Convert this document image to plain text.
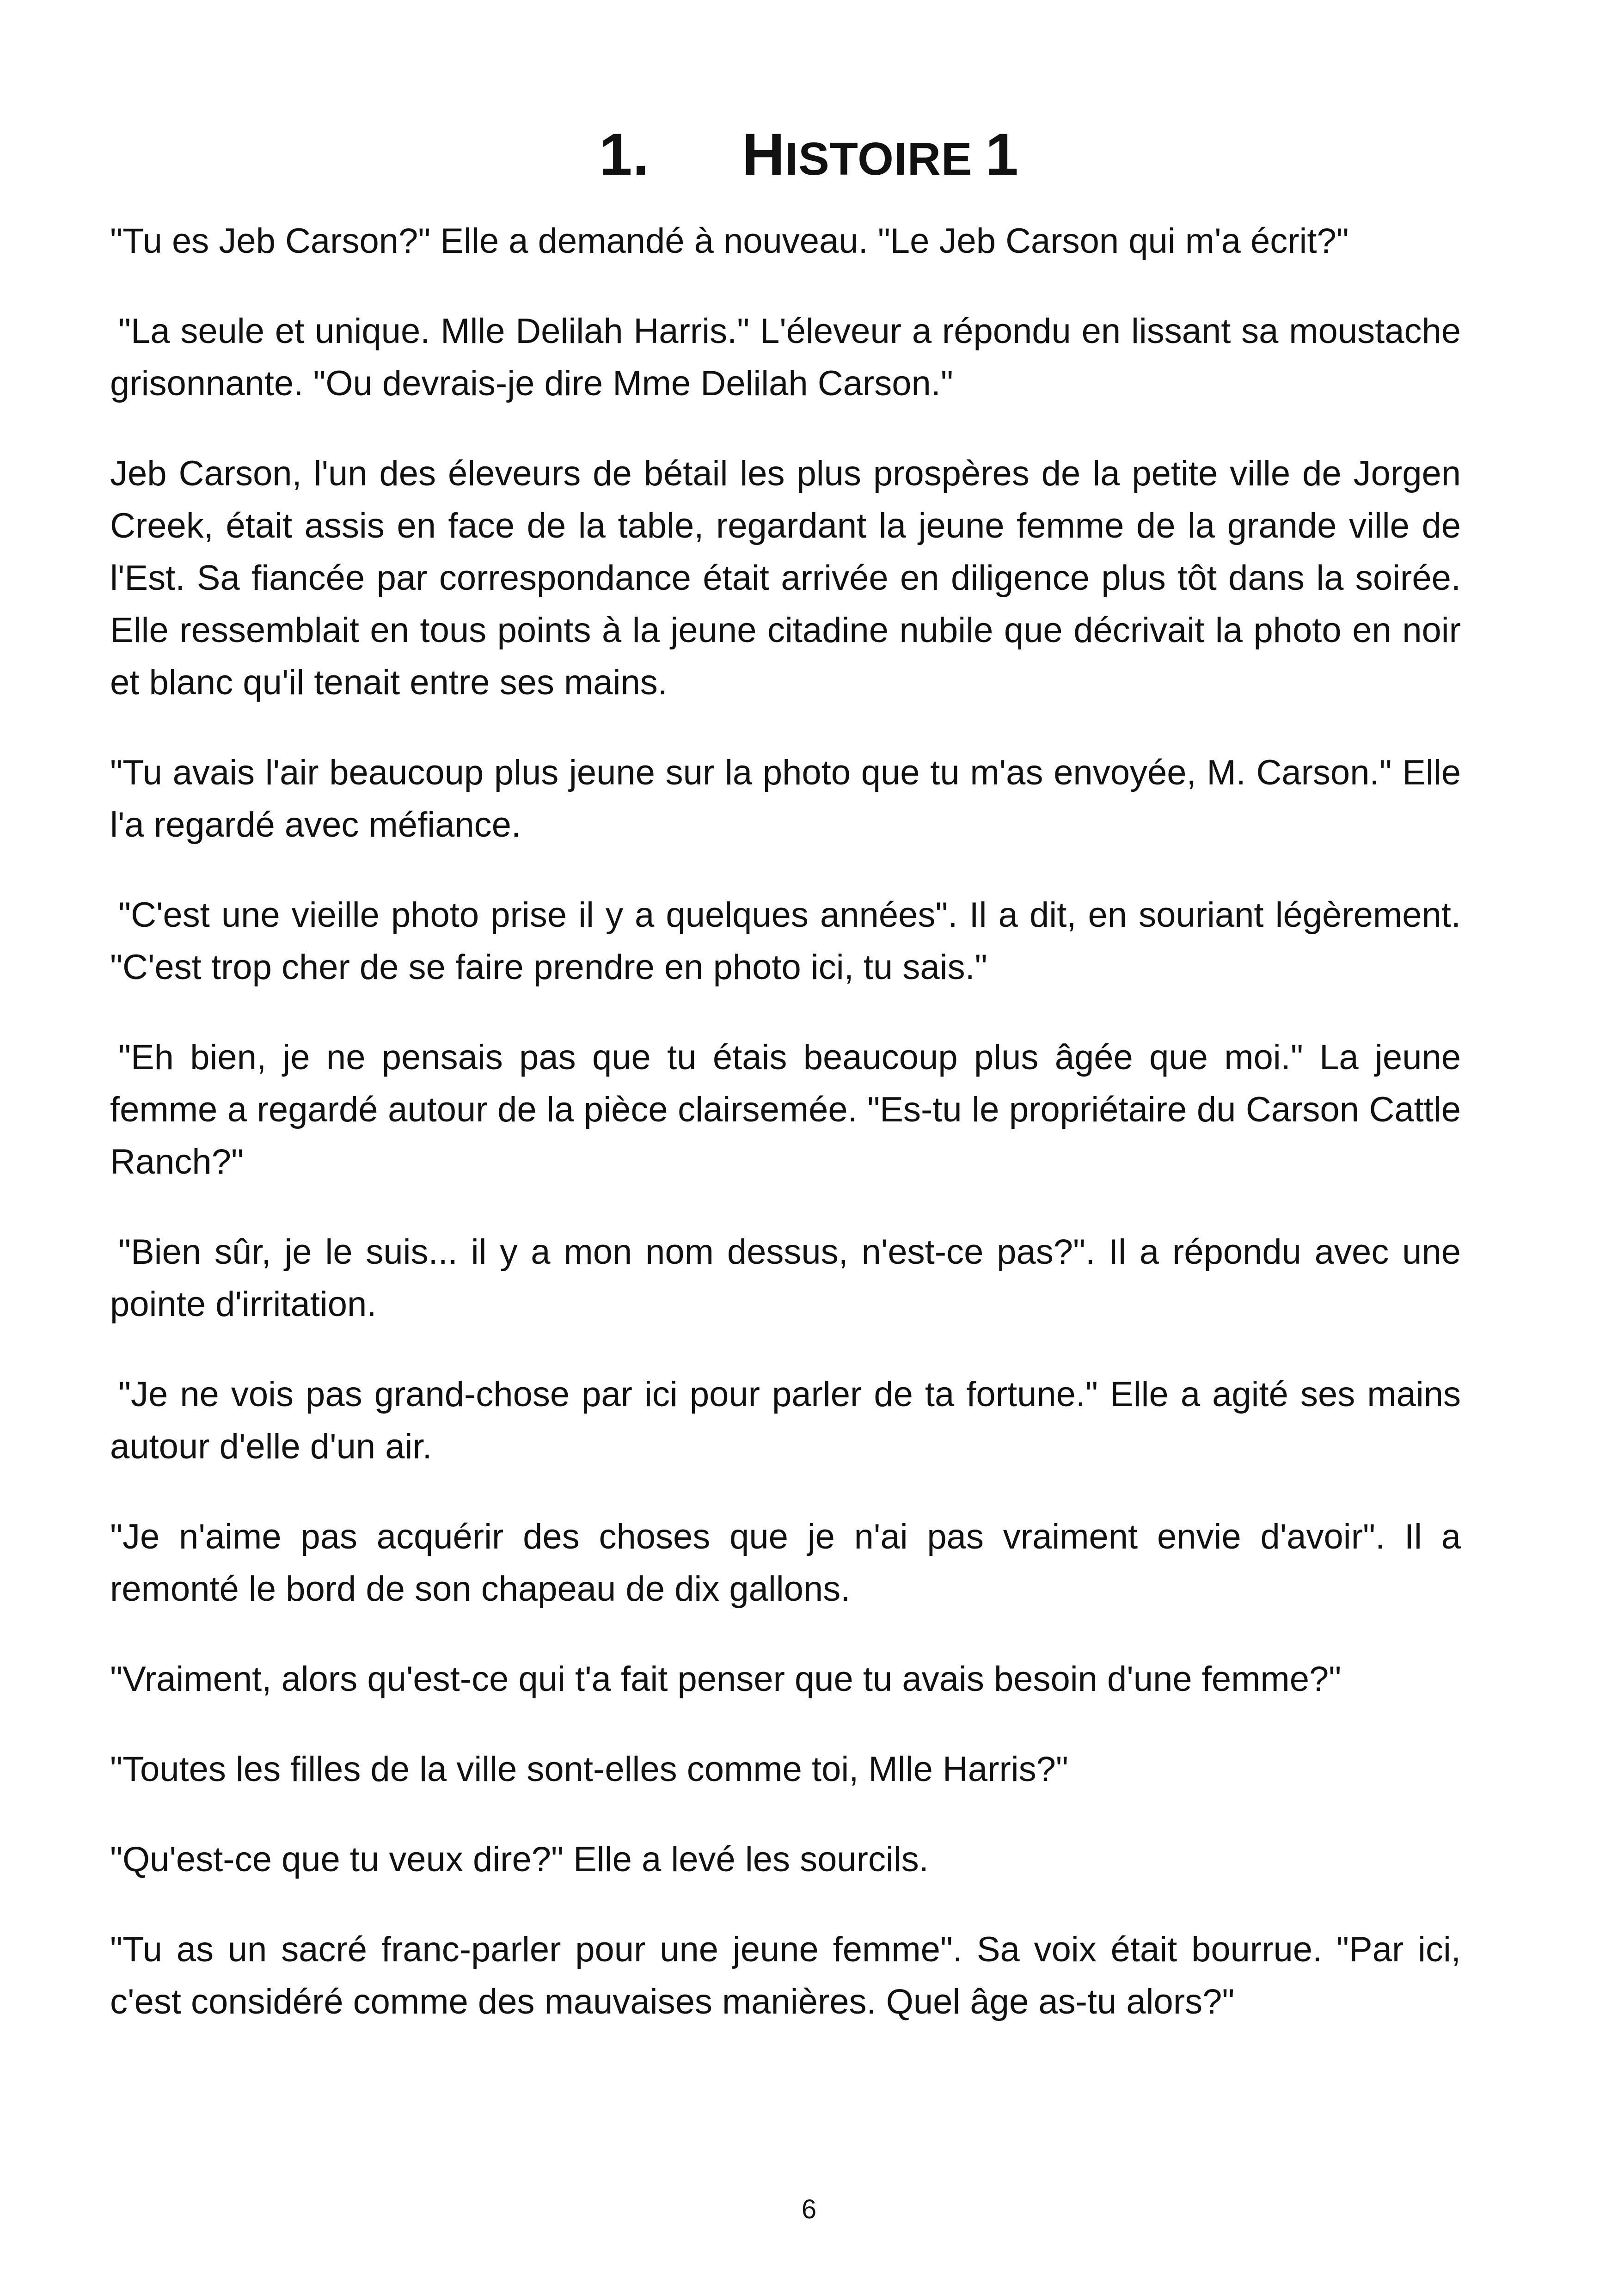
1. HISTOIRE 1

"Tu es Jeb Carson?" Elle a demandé à nouveau. "Le Jeb Carson qui m'a écrit?"

"La seule et unique. Mlle Delilah Harris." L'éleveur a répondu en lissant sa moustache grisonnante. "Ou devrais-je dire Mme Delilah Carson."

Jeb Carson, l'un des éleveurs de bétail les plus prospères de la petite ville de Jorgen Creek, était assis en face de la table, regardant la jeune femme de la grande ville de l'Est. Sa fiancée par correspondance était arrivée en diligence plus tôt dans la soirée. Elle ressemblait en tous points à la jeune citadine nubile que décrivait la photo en noir et blanc qu'il tenait entre ses mains.

"Tu avais l'air beaucoup plus jeune sur la photo que tu m'as envoyée, M. Carson." Elle l'a regardé avec méfiance.

"C'est une vieille photo prise il y a quelques années". Il a dit, en souriant légèrement. "C'est trop cher de se faire prendre en photo ici, tu sais."

"Eh bien, je ne pensais pas que tu étais beaucoup plus âgée que moi." La jeune femme a regardé autour de la pièce clairsemée. "Es-tu le propriétaire du Carson Cattle Ranch?"

"Bien sûr, je le suis... il y a mon nom dessus, n'est-ce pas?". Il a répondu avec une pointe d'irritation.

"Je ne vois pas grand-chose par ici pour parler de ta fortune." Elle a agité ses mains autour d'elle d'un air.

"Je n'aime pas acquérir des choses que je n'ai pas vraiment envie d'avoir". Il a remonté le bord de son chapeau de dix gallons.

"Vraiment, alors qu'est-ce qui t'a fait penser que tu avais besoin d'une femme?"

"Toutes les filles de la ville sont-elles comme toi, Mlle Harris?"

"Qu'est-ce que tu veux dire?" Elle a levé les sourcils.

"Tu as un sacré franc-parler pour une jeune femme". Sa voix était bourrue. "Par ici, c'est considéré comme des mauvaises manières. Quel âge as-tu alors?"

6
